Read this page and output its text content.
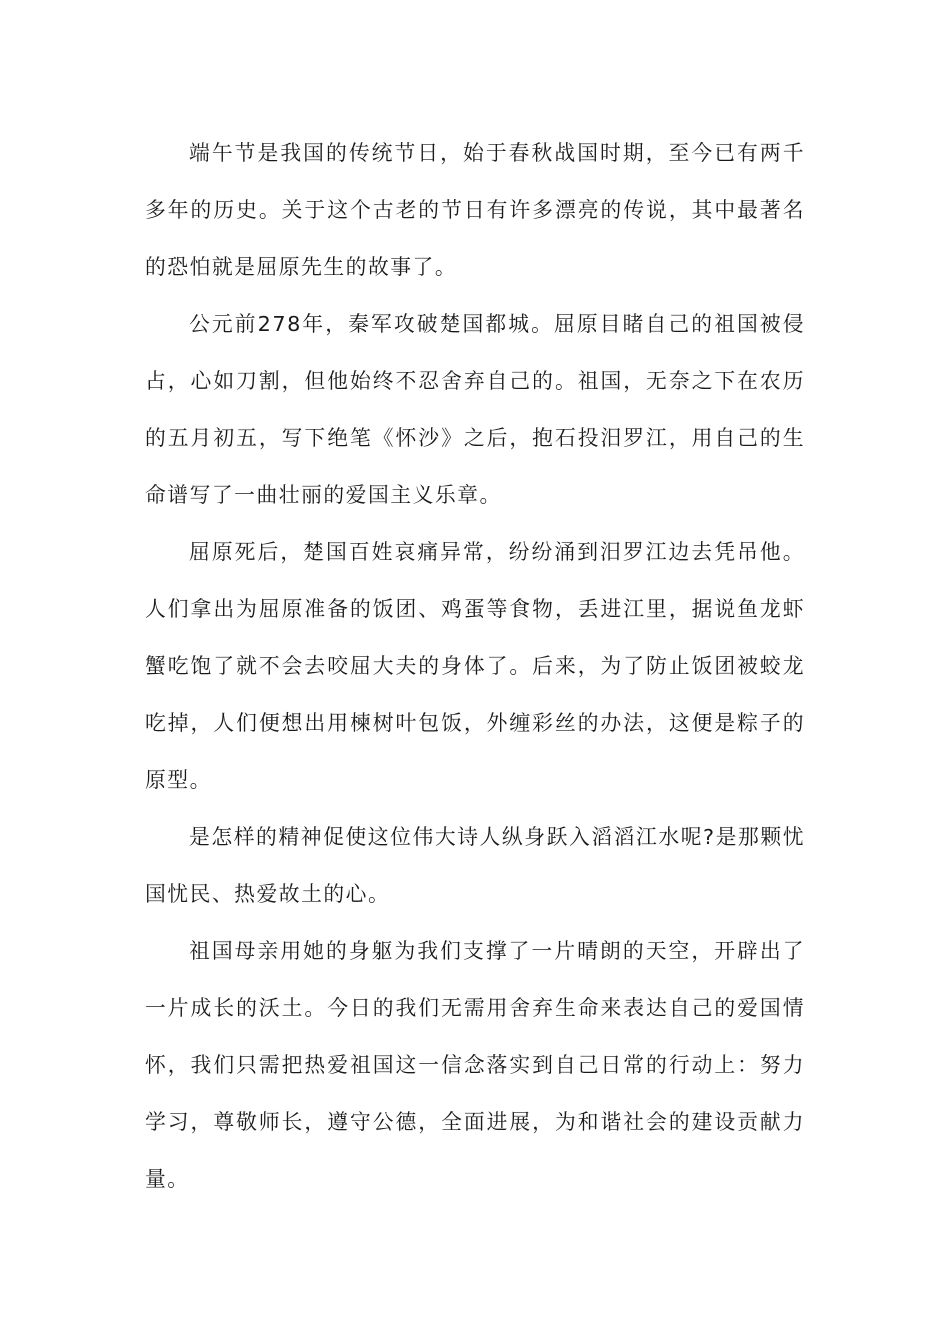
端午节是我国的传统节日，始于春秋战国时期，至今已有两千多年的历史。关于这个古老的节日有许多漂亮的传说，其中最著名的恐怕就是屈原先生的故事了。

公元前278年，秦军攻破楚国都城。屈原目睹自己的祖国被侵占，心如刀割，但他始终不忍舍弃自己的。祖国，无奈之下在农历的五月初五，写下绝笔《怀沙》之后，抱石投汨罗江，用自己的生命谱写了一曲壮丽的爱国主义乐章。

屈原死后，楚国百姓哀痛异常，纷纷涌到汨罗江边去凭吊他。人们拿出为屈原准备的饭团、鸡蛋等食物，丢进江里，据说鱼龙虾蟹吃饱了就不会去咬屈大夫的身体了。后来，为了防止饭团被蛟龙吃掉，人们便想出用楝树叶包饭，外缠彩丝的办法，这便是粽子的原型。

是怎样的精神促使这位伟大诗人纵身跃入滔滔江水呢?是那颗忧国忧民、热爱故土的心。

祖国母亲用她的身躯为我们支撑了一片晴朗的天空，开辟出了一片成长的沃土。今日的我们无需用舍弃生命来表达自己的爱国情怀，我们只需把热爱祖国这一信念落实到自己日常的行动上：努力学习，尊敬师长，遵守公德，全面进展，为和谐社会的建设贡献力量。
